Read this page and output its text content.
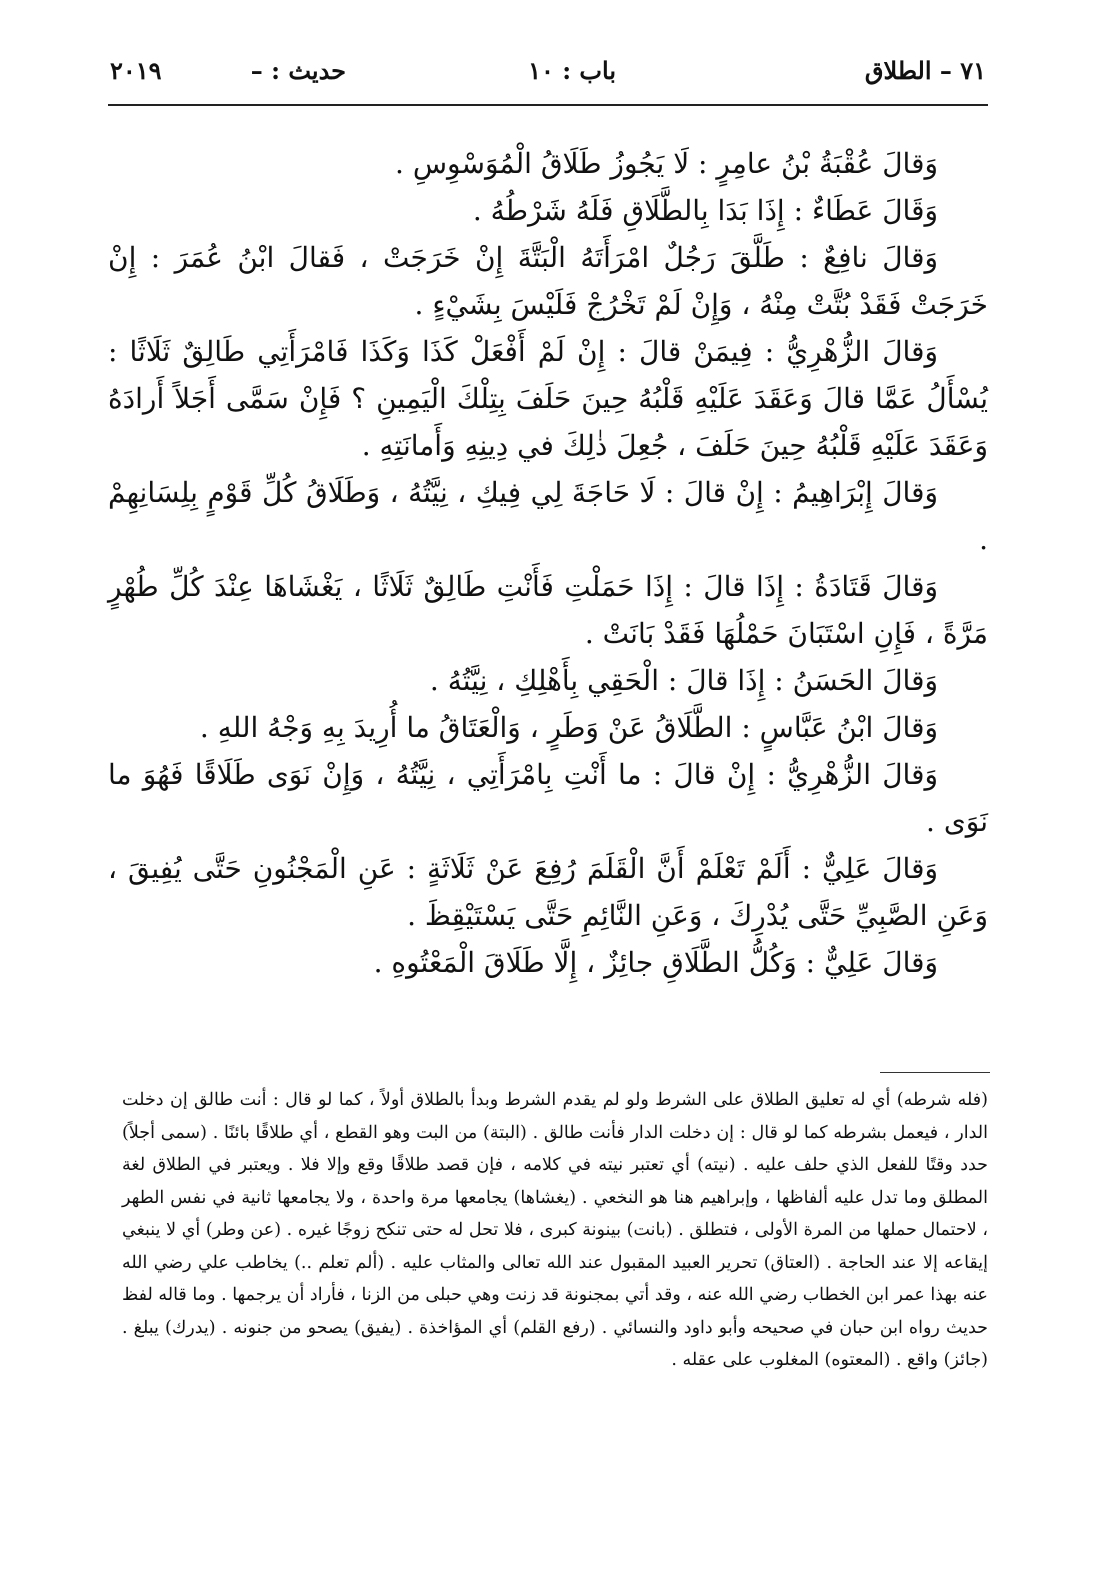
٧١ – الطلاق
باب : ١٠
حديث : –
٢٠١٩

وَقالَ عُقْبَةُ بْنُ عامِرٍ : لَا يَجُوزُ طَلَاقُ الْمُوَسْوِسِ .

وَقَالَ عَطَاءٌ : إِذَا بَدَا بِالطَّلَاقِ فَلَهُ شَرْطُهُ .

وَقالَ نافِعٌ : طَلَّقَ رَجُلٌ امْرَأَتَهُ الْبَتَّةَ إِنْ خَرَجَتْ ، فَقالَ ابْنُ عُمَرَ : إِنْ خَرَجَتْ فَقَدْ بُتَّتْ مِنْهُ ، وَإِنْ لَمْ تَخْرُجْ فَلَيْسَ بِشَيْءٍ .

وَقالَ الزُّهْرِيُّ : فِيمَنْ قالَ : إِنْ لَمْ أَفْعَلْ كَذَا وَكَذَا فَامْرَأَتِي طَالِقٌ ثَلَاثًا : يُسْأَلُ عَمَّا قالَ وَعَقَدَ عَلَيْهِ قَلْبُهُ حِينَ حَلَفَ بِتِلْكَ الْيَمِينِ ؟ فَإِنْ سَمَّى أَجَلاً أَرادَهُ وَعَقَدَ عَلَيْهِ قَلْبُهُ حِينَ حَلَفَ ، جُعِلَ ذٰلِكَ في دِينِهِ وَأَمانَتِهِ .

وَقالَ إِبْرَاهِيمُ : إِنْ قالَ : لَا حَاجَةَ لِي فِيكِ ، نِيَّتُهُ ، وَطَلَاقُ كُلِّ قَوْمٍ بِلِسَانِهِمْ .

وَقالَ قَتَادَةُ : إِذَا قالَ : إِذَا حَمَلْتِ فَأَنْتِ طَالِقٌ ثَلَاثًا ، يَغْشَاهَا عِنْدَ كُلِّ طُهْرٍ مَرَّةً ، فَإِنِ اسْتَبَانَ حَمْلُهَا فَقَدْ بَانَتْ .

وَقالَ الحَسَنُ : إِذَا قالَ : الْحَقِي بِأَهْلِكِ ، نِيَّتُهُ .

وَقالَ ابْنُ عَبَّاسٍ : الطَّلَاقُ عَنْ وَطَرٍ ، وَالْعَتَاقُ ما أُرِيدَ بِهِ وَجْهُ اللهِ .

وَقالَ الزُّهْرِيُّ : إِنْ قالَ : ما أَنْتِ بِامْرَأَتِي ، نِيَّتُهُ ، وَإِنْ نَوَى طَلَاقًا فَهُوَ ما نَوَى .

وَقالَ عَلِيٌّ : أَلَمْ تَعْلَمْ أَنَّ الْقَلَمَ رُفِعَ عَنْ ثَلَاثَةٍ : عَنِ الْمَجْنُونِ حَتَّى يُفِيقَ ، وَعَنِ الصَّبِيِّ حَتَّى يُدْرِكَ ، وَعَنِ النَّائِمِ حَتَّى يَسْتَيْقِظَ .

وَقالَ عَلِيٌّ : وَكُلُّ الطَّلَاقِ جائِزٌ ، إِلَّا طَلَاقَ الْمَعْتُوهِ .

(فله شرطه) أي له تعليق الطلاق على الشرط ولو لم يقدم الشرط وبدأ بالطلاق أولاً ، كما لو قال : أنت طالق إن دخلت الدار ، فيعمل بشرطه كما لو قال : إن دخلت الدار فأنت طالق . (البتة) من البت وهو القطع ، أي طلاقًا بائنًا . (سمى أجلاً) حدد وقتًا للفعل الذي حلف عليه . (نيته) أي تعتبر نيته في كلامه ، فإن قصد طلاقًا وقع وإلا فلا . ويعتبر في الطلاق لغة المطلق وما تدل عليه ألفاظها ، وإبراهيم هنا هو النخعي . (يغشاها) يجامعها مرة واحدة ، ولا يجامعها ثانية في نفس الطهر ، لاحتمال حملها من المرة الأولى ، فتطلق . (بانت) بينونة كبرى ، فلا تحل له حتى تنكح زوجًا غيره . (عن وطر) أي لا ينبغي إيقاعه إلا عند الحاجة . (العتاق) تحرير العبيد المقبول عند الله تعالى والمثاب عليه . (ألم تعلم ..) يخاطب علي رضي الله عنه بهذا عمر ابن الخطاب رضي الله عنه ، وقد أتي بمجنونة قد زنت وهي حبلى من الزنا ، فأراد أن يرجمها . وما قاله لفظ حديث رواه ابن حبان في صحيحه وأبو داود والنسائي . (رفع القلم) أي المؤاخذة . (يفيق) يصحو من جنونه . (يدرك) يبلغ . (جائز) واقع . (المعتوه) المغلوب على عقله .
